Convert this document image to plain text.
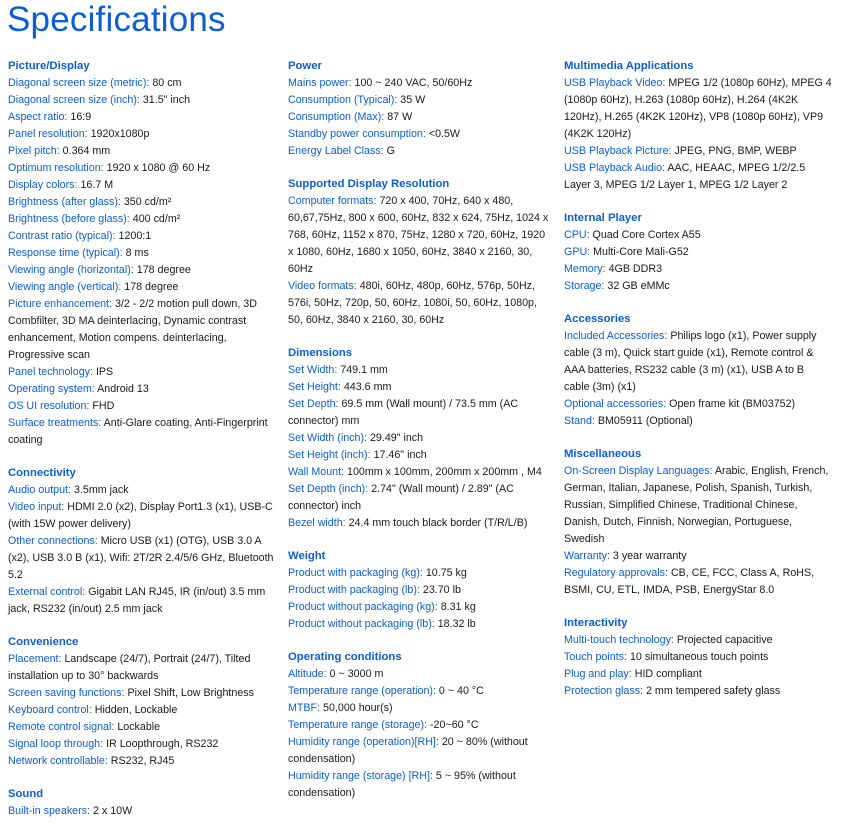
Specifications
Picture/Display
Diagonal screen size (metric): 80 cm
Diagonal screen size (inch): 31.5" inch
Aspect ratio: 16:9
Panel resolution: 1920x1080p
Pixel pitch: 0.364 mm
Optimum resolution: 1920 x 1080 @ 60 Hz
Display colors: 16.7 M
Brightness (after glass): 350 cd/m²
Brightness (before glass): 400 cd/m²
Contrast ratio (typical): 1200:1
Response time (typical): 8 ms
Viewing angle (horizontal): 178 degree
Viewing angle (vertical): 178 degree
Picture enhancement: 3/2 - 2/2 motion pull down, 3D Combfilter, 3D MA deinterlacing, Dynamic contrast enhancement, Motion compens. deinterlacing, Progressive scan
Panel technology: IPS
Operating system: Android 13
OS UI resolution: FHD
Surface treatments: Anti-Glare coating, Anti-Fingerprint coating
Connectivity
Audio output: 3.5mm jack
Video input: HDMI 2.0 (x2), Display Port1.3 (x1), USB-C (with 15W power delivery)
Other connections: Micro USB (x1) (OTG), USB 3.0 A (x2), USB 3.0 B (x1), Wifi: 2T/2R 2.4/5/6 GHz, Bluetooth 5.2
External control: Gigabit LAN RJ45, IR (in/out) 3.5 mm jack, RS232 (in/out) 2.5 mm jack
Convenience
Placement: Landscape (24/7), Portrait (24/7), Tilted installation up to 30° backwards
Screen saving functions: Pixel Shift, Low Brightness
Keyboard control: Hidden, Lockable
Remote control signal: Lockable
Signal loop through: IR Loopthrough, RS232
Network controllable: RS232, RJ45
Sound
Built-in speakers: 2 x 10W
Power
Mains power: 100 ~ 240 VAC, 50/60Hz
Consumption (Typical): 35 W
Consumption (Max): 87 W
Standby power consumption: <0.5W
Energy Label Class: G
Supported Display Resolution
Computer formats: 720 x 400, 70Hz, 640 x 480, 60,67,75Hz, 800 x 600, 60Hz, 832 x 624, 75Hz, 1024 x 768, 60Hz, 1152 x 870, 75Hz, 1280 x 720, 60Hz, 1920 x 1080, 60Hz, 1680 x 1050, 60Hz, 3840 x 2160, 30, 60Hz
Video formats: 480i, 60Hz, 480p, 60Hz, 576p, 50Hz, 576i, 50Hz, 720p, 50, 60Hz, 1080i, 50, 60Hz, 1080p, 50, 60Hz, 3840 x 2160, 30, 60Hz
Dimensions
Set Width: 749.1 mm
Set Height: 443.6 mm
Set Depth: 69.5 mm (Wall mount) / 73.5 mm (AC connector) mm
Set Width (inch): 29.49" inch
Set Height (inch): 17.46" inch
Wall Mount: 100mm x 100mm, 200mm x 200mm , M4
Set Depth (inch): 2.74" (Wall mount) / 2.89" (AC connector) inch
Bezel width: 24.4 mm touch black border (T/R/L/B)
Weight
Product with packaging (kg): 10.75 kg
Product with packaging (lb): 23.70 lb
Product without packaging (kg): 8.31 kg
Product without packaging (lb): 18.32 lb
Operating conditions
Altitude: 0 ~ 3000 m
Temperature range (operation): 0 ~ 40 °C
MTBF: 50,000 hour(s)
Temperature range (storage): -20~60 °C
Humidity range (operation)[RH]: 20 ~ 80% (without condensation)
Humidity range (storage) [RH]: 5 ~ 95% (without condensation)
Multimedia Applications
USB Playback Video: MPEG 1/2 (1080p 60Hz), MPEG 4 (1080p 60Hz), H.263 (1080p 60Hz), H.264 (4K2K 120Hz), H.265 (4K2K 120Hz), VP8 (1080p 60Hz), VP9 (4K2K 120Hz)
USB Playback Picture: JPEG, PNG, BMP, WEBP
USB Playback Audio: AAC, HEAAC, MPEG 1/2/2.5 Layer 3, MPEG 1/2 Layer 1, MPEG 1/2 Layer 2
Internal Player
CPU: Quad Core Cortex A55
GPU: Multi-Core Mali-G52
Memory: 4GB DDR3
Storage: 32 GB eMMc
Accessories
Included Accessories: Philips logo (x1), Power supply cable (3 m), Quick start guide (x1), Remote control & AAA batteries, RS232 cable (3 m) (x1), USB A to B cable (3m) (x1)
Optional accessories: Open frame kit (BM03752)
Stand: BM05911 (Optional)
Miscellaneous
On-Screen Display Languages: Arabic, English, French, German, Italian, Japanese, Polish, Spanish, Turkish, Russian, Simplified Chinese, Traditional Chinese, Danish, Dutch, Finnish, Norwegian, Portuguese, Swedish
Warranty: 3 year warranty
Regulatory approvals: CB, CE, FCC, Class A, RoHS, BSMI, CU, ETL, IMDA, PSB, EnergyStar 8.0
Interactivity
Multi-touch technology: Projected capacitive
Touch points: 10 simultaneous touch points
Plug and play: HID compliant
Protection glass: 2 mm tempered safety glass
